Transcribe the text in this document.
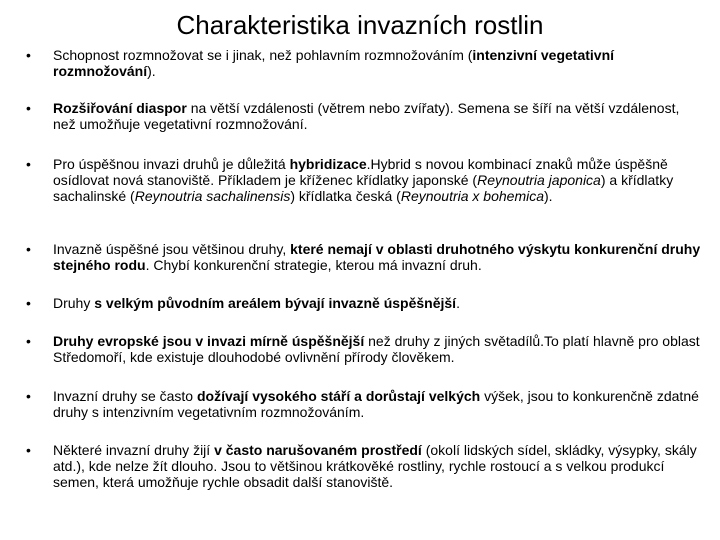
Charakteristika invazních rostlin
• Schopnost rozmnožovat se i jinak, než pohlavním rozmnožováním (intenzivní vegetativní rozmnožování).
• Rozšiřování diaspor na větší vzdálenosti (větrem nebo zvířaty). Semena se šíří na větší vzdálenost, než umožňuje vegetativní rozmnožování.
• Pro úspěšnou invazi druhů je důležitá hybridizace.Hybrid s novou kombinací znaků může úspěšně osídlovat nová stanoviště. Příkladem je kříženec křídlatky japonské (Reynoutria japonica) a křídlatky sachalinské (Reynoutria sachalinensis) křídlatka česká (Reynoutria x bohemica).
• Invazně úspěšné jsou většinou druhy, které nemají v oblasti druhotného výskytu konkurenční druhy stejného rodu. Chybí konkurenční strategie, kterou má invazní druh.
• Druhy s velkým původním areálem bývají invazně úspěšnější.
• Druhy evropské jsou v invazi mírně úspěšnější než druhy z jiných světadílů.To platí hlavně pro oblast Středomoří, kde existuje dlouhodobé ovlivnění přírody člověkem.
• Invazní druhy se často dožívají vysokého stáří a dorůstají velkých výšek, jsou to konkurenčně zdatné druhy s intenzivním vegetativním rozmnožováním.
• Některé invazní druhy žijí v často narušovaném prostředí (okolí lidských sídel, skládky, výsypky, skály atd.), kde nelze žít dlouho. Jsou to většinou krátkověké rostliny, rychle rostoucí a s velkou produkcí semen, která umožňuje rychle obsadit další stanoviště.
